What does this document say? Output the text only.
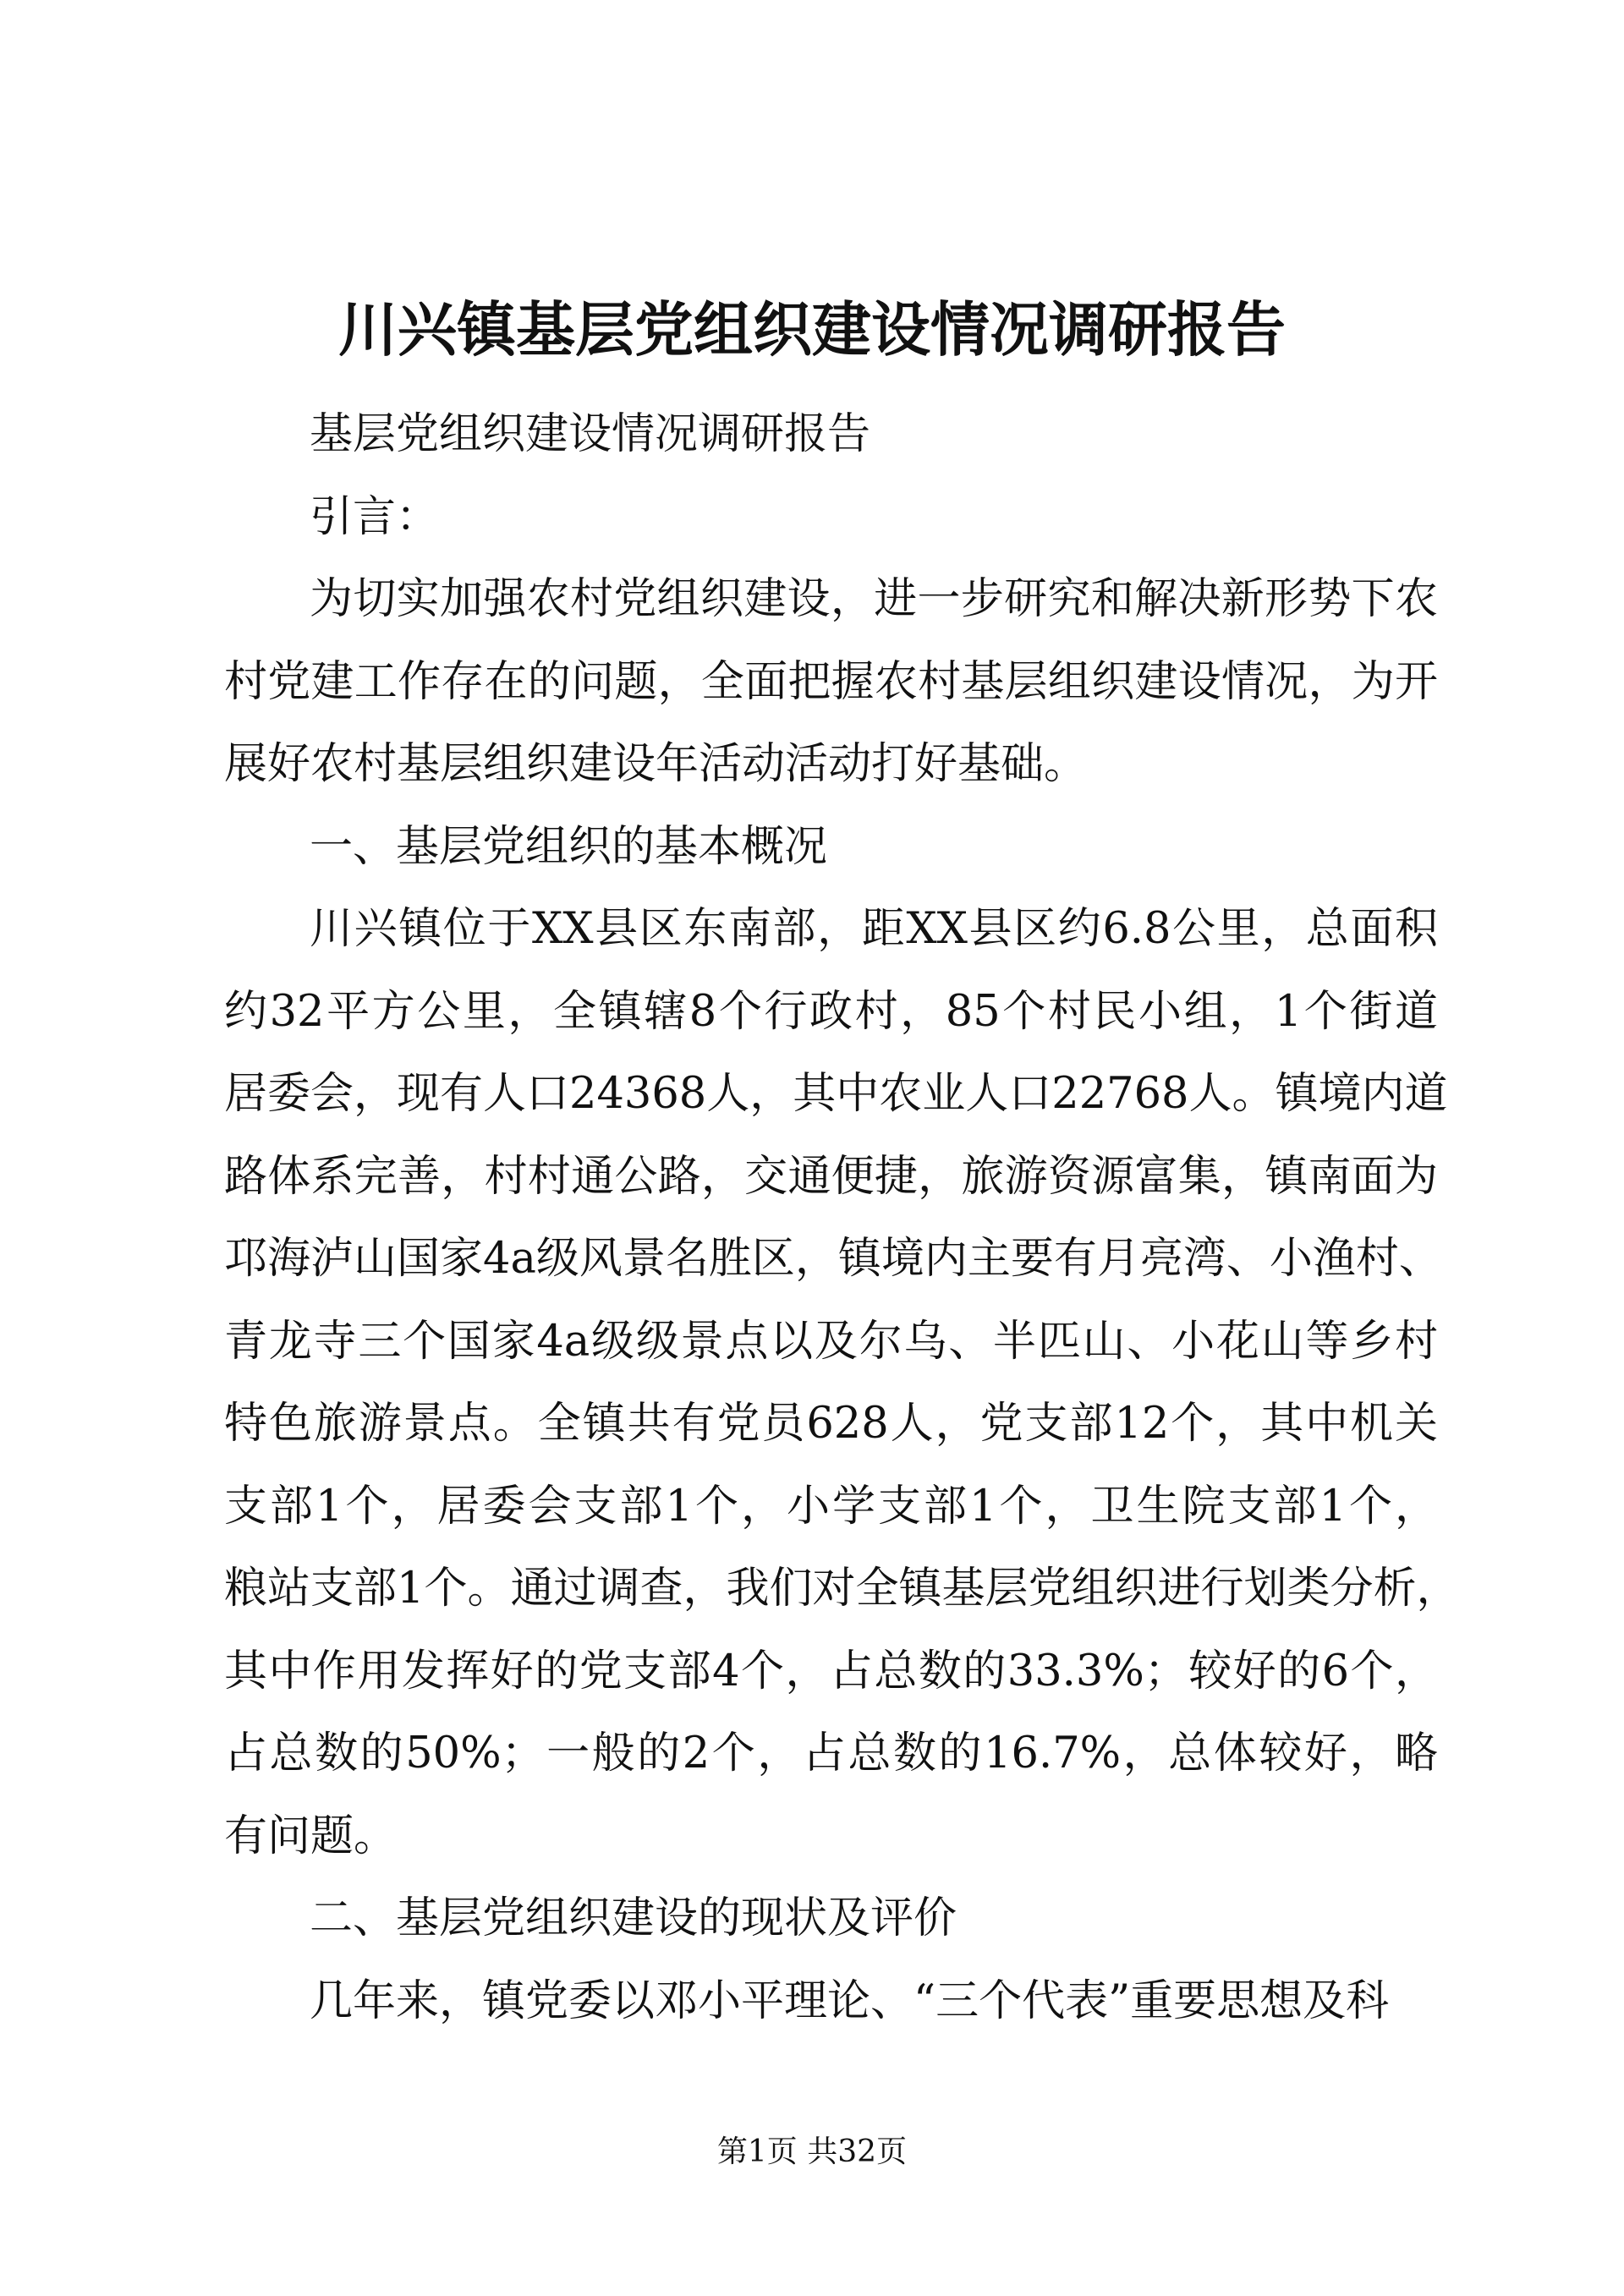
川兴镇基层党组织建设情况调研报告
基层党组织建设情况调研报告
引言：
为切实加强农村党组织建设，进一步研究和解决新形势下农
村党建工作存在的问题，全面把握农村基层组织建设情况，为开
展好农村基层组织建设年活动活动打好基础。
一、基层党组织的基本概况
川兴镇位于XX县区东南部，距XX县区约6.8公里，总面积
约32平方公里，全镇辖8个行政村，85个村民小组，1个街道
居委会，现有人口24368人，其中农业人口22768人。镇境内道
路体系完善，村村通公路，交通便捷，旅游资源富集，镇南面为
邛海泸山国家4a级风景名胜区，镇境内主要有月亮湾、小渔村、
青龙寺三个国家4a级级景点以及尔乌、半匹山、小花山等乡村
特色旅游景点。全镇共有党员628人，党支部12个，其中机关
支部1个，居委会支部1个，小学支部1个，卫生院支部1个，
粮站支部1个。通过调查，我们对全镇基层党组织进行划类分析，
其中作用发挥好的党支部4个，占总数的33.3%；较好的6个，
占总数的50%；一般的2个，占总数的16.7%，总体较好，略
有问题。
二、基层党组织建设的现状及评价
几年来，镇党委以邓小平理论、“三个代表”重要思想及科
第1页 共32页
